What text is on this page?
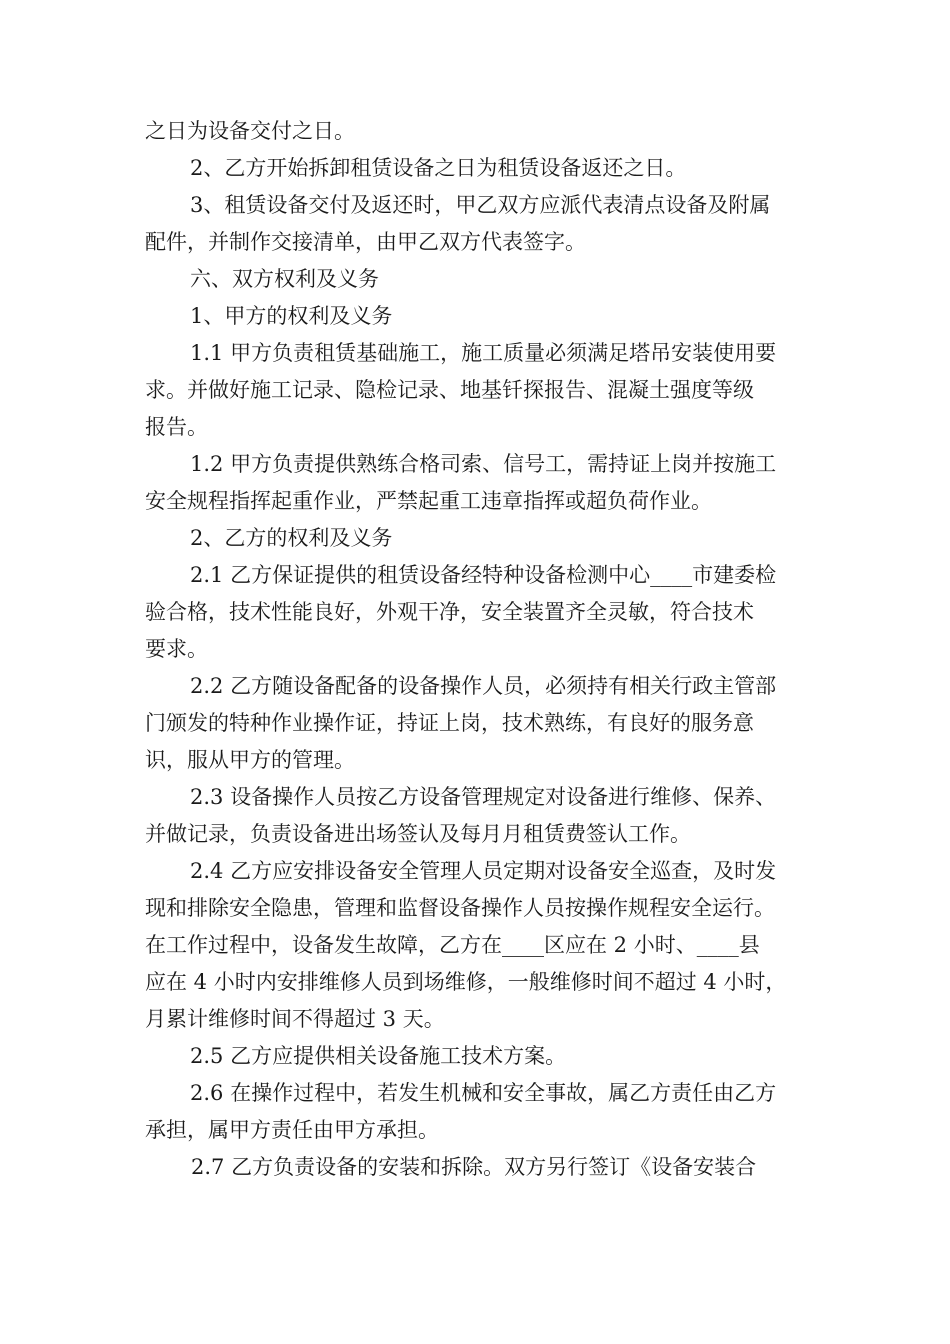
之日为设备交付之日。
2、乙方开始拆卸租赁设备之日为租赁设备返还之日。
3、租赁设备交付及返还时，甲乙双方应派代表清点设备及附属
配件，并制作交接清单，由甲乙双方代表签字。
六、双方权利及义务
1、甲方的权利及义务
1.1 甲方负责租赁基础施工，施工质量必须满足塔吊安装使用要
求。并做好施工记录、隐检记录、地基钎探报告、混凝土强度等级
报告。
1.2 甲方负责提供熟练合格司索、信号工，需持证上岗并按施工
安全规程指挥起重作业，严禁起重工违章指挥或超负荷作业。
2、乙方的权利及义务
2.1 乙方保证提供的租赁设备经特种设备检测中心____市建委检
验合格，技术性能良好，外观干净，安全装置齐全灵敏，符合技术
要求。
2.2 乙方随设备配备的设备操作人员，必须持有相关行政主管部
门颁发的特种作业操作证，持证上岗，技术熟练，有良好的服务意
识，服从甲方的管理。
2.3 设备操作人员按乙方设备管理规定对设备进行维修、保养、
并做记录，负责设备进出场签认及每月月租赁费签认工作。
2.4 乙方应安排设备安全管理人员定期对设备安全巡查，及时发
现和排除安全隐患，管理和监督设备操作人员按操作规程安全运行。
在工作过程中，设备发生故障，乙方在____区应在 2 小时、____县
应在 4 小时内安排维修人员到场维修，一般维修时间不超过 4 小时，
月累计维修时间不得超过 3 天。
2.5 乙方应提供相关设备施工技术方案。
2.6 在操作过程中，若发生机械和安全事故，属乙方责任由乙方
承担，属甲方责任由甲方承担。
2.7 乙方负责设备的安装和拆除。双方另行签订《设备安装合
